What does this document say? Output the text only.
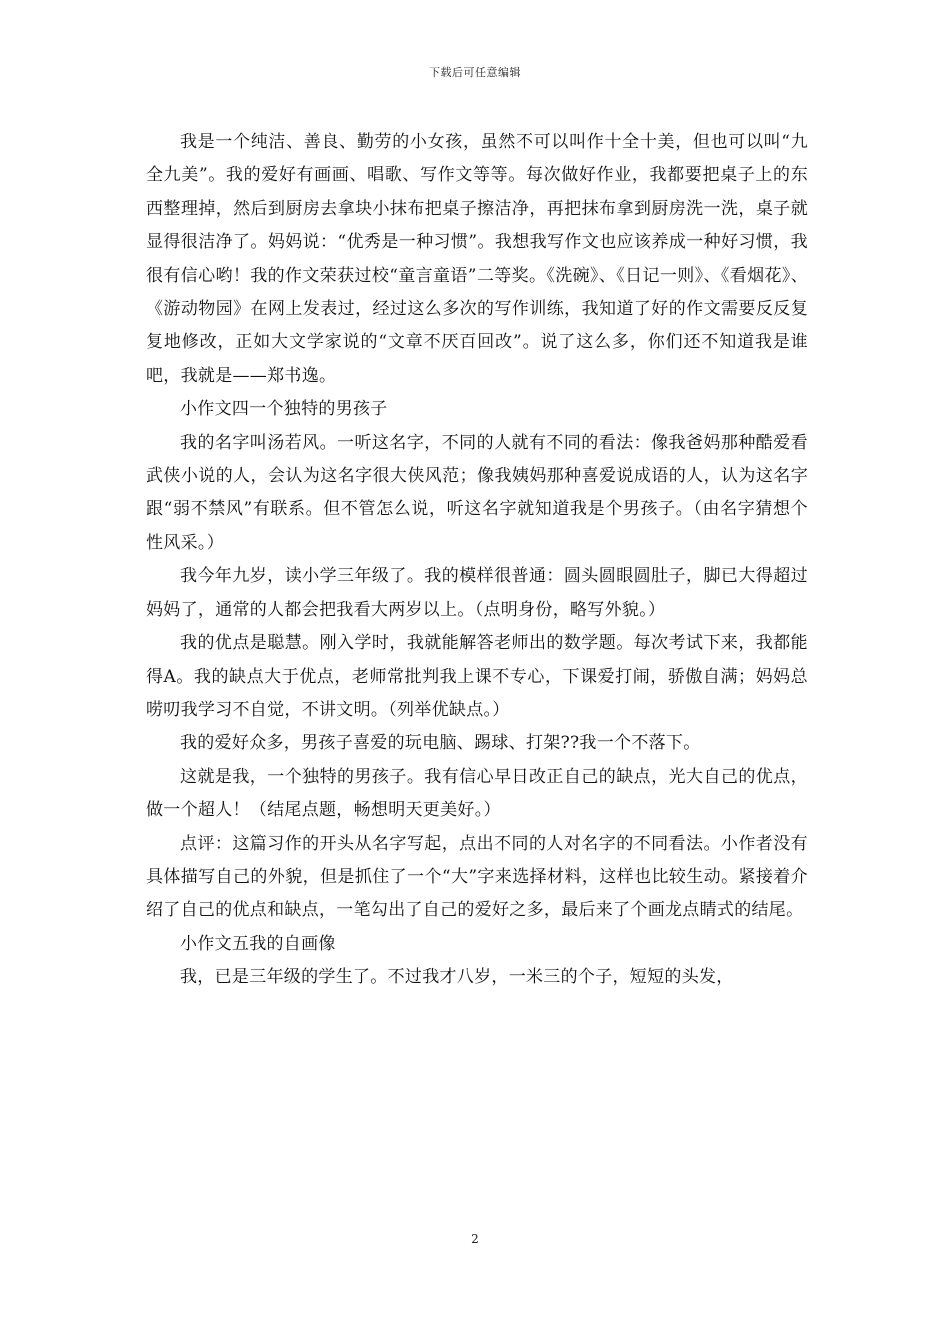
下载后可任意编辑

我是一个纯洁、善良、勤劳的小女孩，虽然不可以叫作十全十美，但也可以叫“九全九美”。我的爱好有画画、唱歌、写作文等等。每次做好作业，我都要把桌子上的东西整理掉，然后到厨房去拿块小抹布把桌子擦洁净，再把抹布拿到厨房洗一洗，桌子就显得很洁净了。妈妈说：“优秀是一种习惯”。我想我写作文也应该养成一种好习惯，我很有信心哟！我的作文荣获过校“童言童语”二等奖。《洗碗》、《日记一则》、《看烟花》、《游动物园》在网上发表过，经过这么多次的写作训练，我知道了好的作文需要反反复复地修改，正如大文学家说的“文章不厌百回改”。说了这么多，你们还不知道我是谁吧，我就是——郑书逸。

小作文四一个独特的男孩子

我的名字叫汤若风。一听这名字，不同的人就有不同的看法：像我爸妈那种酷爱看武侠小说的人，会认为这名字很大侠风范；像我姨妈那种喜爱说成语的人，认为这名字跟“弱不禁风”有联系。但不管怎么说，听这名字就知道我是个男孩子。（由名字猜想个性风采。）

我今年九岁，读小学三年级了。我的模样很普通：圆头圆眼圆肚子，脚已大得超过妈妈了，通常的人都会把我看大两岁以上。（点明身份，略写外貌。）

我的优点是聪慧。刚入学时，我就能解答老师出的数学题。每次考试下来，我都能得A。我的缺点大于优点，老师常批判我上课不专心，下课爱打闹，骄傲自满；妈妈总唠叨我学习不自觉，不讲文明。（列举优缺点。）

我的爱好众多，男孩子喜爱的玩电脑、踢球、打架??我一个不落下。

这就是我，一个独特的男孩子。我有信心早日改正自己的缺点，光大自己的优点，做一个超人！（结尾点题，畅想明天更美好。）

点评：这篇习作的开头从名字写起，点出不同的人对名字的不同看法。小作者没有具体描写自己的外貌，但是抓住了一个“大”字来选择材料，这样也比较生动。紧接着介绍了自己的优点和缺点，一笔勾出了自己的爱好之多，最后来了个画龙点睛式的结尾。

小作文五我的自画像

我，已是三年级的学生了。不过我才八岁，一米三的个子，短短的头发，

2
